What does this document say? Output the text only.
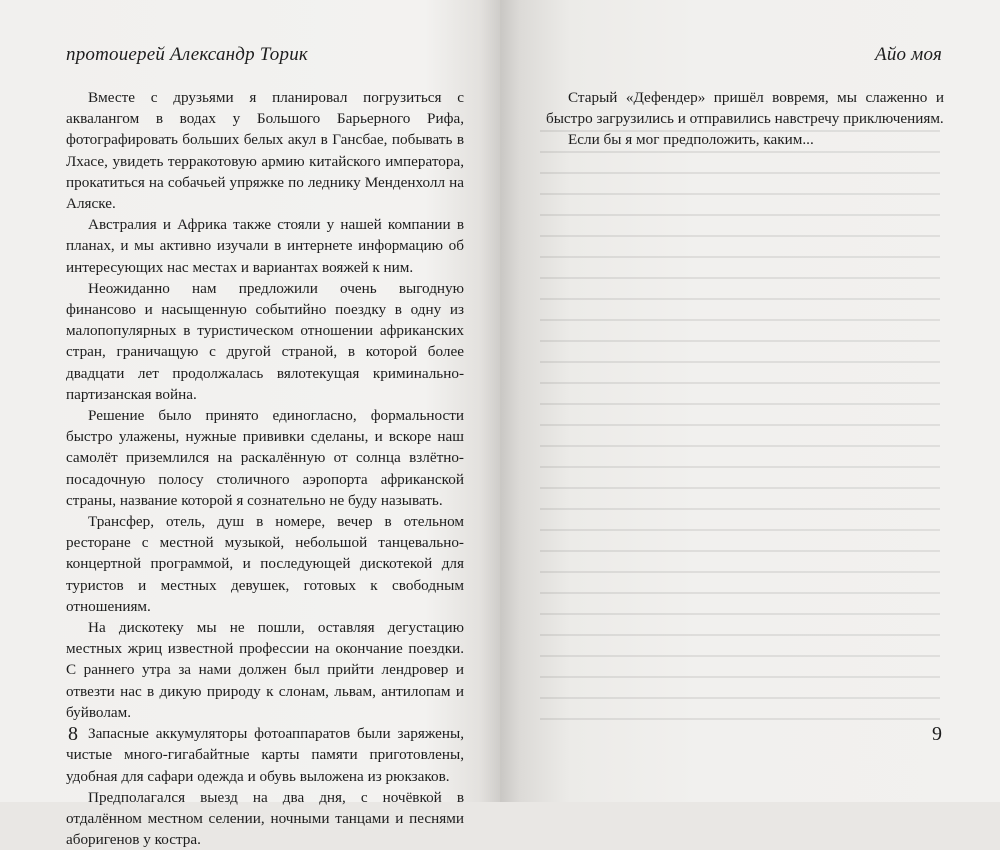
протоиерей Александр Торик

Вместе с друзьями я планировал погрузиться с аквалангом в водах у Большого Барьерного Рифа, фотографировать больших белых акул в Гансбае, побывать в Лхасе, увидеть терракотовую армию китайского императора, прокатиться на собачьей упряжке по леднику Менденхолл на Аляске.

Австралия и Африка также стояли у нашей компании в планах, и мы активно изучали в интернете информацию об интересующих нас местах и вариантах вояжей к ним.

Неожиданно нам предложили очень выгодную финансово и насыщенную событийно поездку в одну из малопопулярных в туристическом отношении африканских стран, граничащую с другой страной, в которой более двадцати лет продолжалась вялотекущая криминально-партизанская война.

Решение было принято единогласно, формальности быстро улажены, нужные прививки сделаны, и вскоре наш самолёт приземлился на раскалённую от солнца взлётно-посадочную полосу столичного аэропорта африканской страны, название которой я сознательно не буду называть.

Трансфер, отель, душ в номере, вечер в отельном ресторане с местной музыкой, небольшой танцевально-концертной программой, и последующей дискотекой для туристов и местных девушек, готовых к свободным отношениям.

На дискотеку мы не пошли, оставляя дегустацию местных жриц известной профессии на окончание поездки. С раннего утра за нами должен был прийти лендровер и отвезти нас в дикую природу к слонам, львам, антилопам и буйволам.

Запасные аккумуляторы фотоаппаратов были заряжены, чистые много-гигабайтные карты памяти приготовлены, удобная для сафари одежда и обувь выложена из рюкзаков.

Предполагался выезд на два дня, с ночёвкой в отдалённом местном селении, ночными танцами и песнями аборигенов у костра.

8
Айо моя

Старый «Дефендер» пришёл вовремя, мы слаженно и быстро загрузились и отправились навстречу приключениям.

Если бы я мог предположить, каким...

9
